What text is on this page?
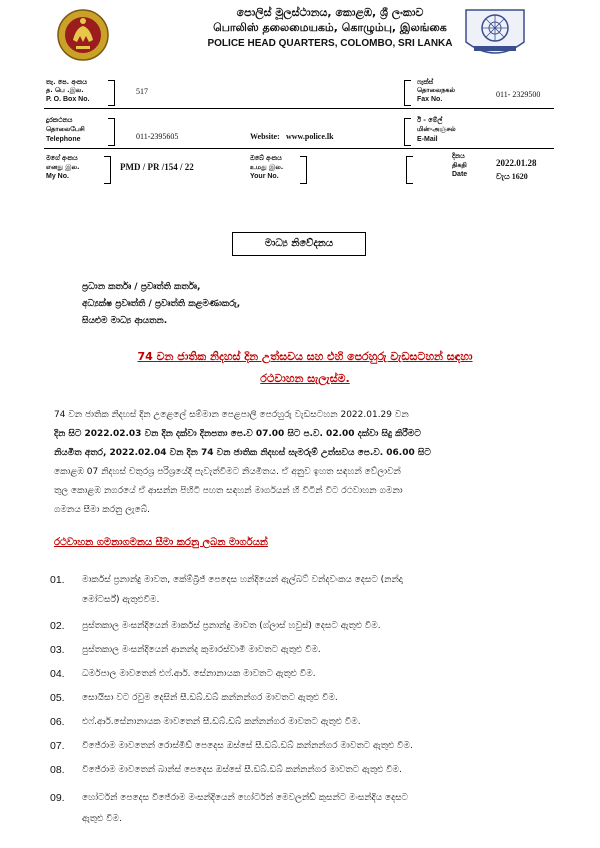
පොලිස් මූලස්ථානය, කොළඹ, ශ්‍රී ලංකාව
பொலிஸ் தலைமையகம், கொழும்பு, இலங்கை
POLICE HEAD QUARTERS, COLOMBO, SRI LANKA
තැ. පෙ. අංකය
த. பெ .இல.
P. O. Box No.
517
ෆැක්ස්
தொலைநகல்
Fax No.
011- 2329500
දුරකථනය
தொலைபேசி
Telephone	011-2395605	Website: www.police.lk
ඊ - මේල්
மின்-அஞ்சல்
E-Mail
මගේ අංකය
எனது இல.
My No.
PMD / PR /154 / 22
ඔබේ අංකය
உமது இல.
Your No.
දිනය
திகதி
Date
2022.01.28
වැය 1620
මාධ්‍ය නිවේදනය
ප්‍රධාන කර්තෘ / ප්‍රවෘත්ති කර්තෘ,
අධ්‍යක්ෂ ප්‍රවෘත්ති / ප්‍රවෘත්ති කළමණාකරු,
සියළුම මාධ්‍ය ආයතන.
74 වන ජාතික නිදහස් දින උත්සවය සහ එහි පෙරහුරු වැඩසටහන් සඳහා
රථවාහන සැලැස්ම.
74 වන ජාතික නිදහස් දින උළෙලේ සම්මාන පෙළපාලි පෙරහුරු වැඩසටහන 2022.01.29 වන
දින සිට 2022.02.03 වන දින දක්වා දිනපතා පෙ.ව 07.00 සිට ප.ව. 02.00 දක්වා සිදු කිරීමට
නියමිත අතර, 2022.02.04 වන දින 74 වන ජාතික නිදහස් සැමරුම් උත්සවය පෙ.ව. 06.00 සිට
කොළඹ 07 නිදහස් චතුරශ්‍ර පරිශ්‍රයේදී පැවැත්වීමට නියමිතය. ඒ අනුව ඉහත සඳහන් වේලාවන්
තුල කොළඹ නගරයේ ඒ ආසන්න පිහිටි පහත සඳහන් මාර්ගයන් හි විටින් විට රථවාහන ගමනා
ගමනය සීමා කරනු ලැබේ.
රථවාහන ගමනාගමනය සීමා කරනු ලබන මාර්ගයන්
01. මාර්කස් ප්‍රනාන්දු මාවත, කේම්බ්‍රිජ් පෙදෙස හන්දියෙන් ඇල්බට් වන්දවංකය දෙසට (නන්දා
මෝටර්ස්) ඇතුළුවීම.
02. පුස්තකාල මංසන්දියෙන් මාර්කස් ප්‍රනාන්දු මාවත (ග්ලාස් හවුස්) දෙසට ඇතුළු වීම.
03. පුස්තකාල මංසන්දියෙන් ආනන්ද කුමාරස්වාමි මාවතට ඇතුළු වීම.
04. ධර්මපාල මාවතෙන් එෆ්.ආර්. සේනානායක මාවතට ඇතුළු වීම.
05. සොයිසා වට රවුම දෙසින් සී.ඩබ්.ඩබ් කන්නන්ගර මාවතට ඇතුළු වීම.
06. එෆ්.ආර්.සේනානායක මාවතෙන් සී.ඩබ්.ඩබ් කන්නන්ගර මාවතට ඇතුළු වීම.
07. විජේරාම මාවතෙන් රොස්මීඩ් පෙදෙස ඔස්සේ සී.ඩබ්.ඩබ් කන්නන්ගර මාවතට ඇතුළු වීම.
08. විජේරාම මාවතෙන් බාන්ස් පෙදෙස ඔස්සේ සී.ඩබ්.ඩබ් කන්නන්ගර මාවතට ඇතුළු වීම.
09. හෝර්ටන් පෙදෙස විජේරාම මංසන්දියෙන් හෝර්ටන් මෙවලන්ඩ් කුසන්ට මංසන්දිය දෙසට
ඇතුළු වීම.
